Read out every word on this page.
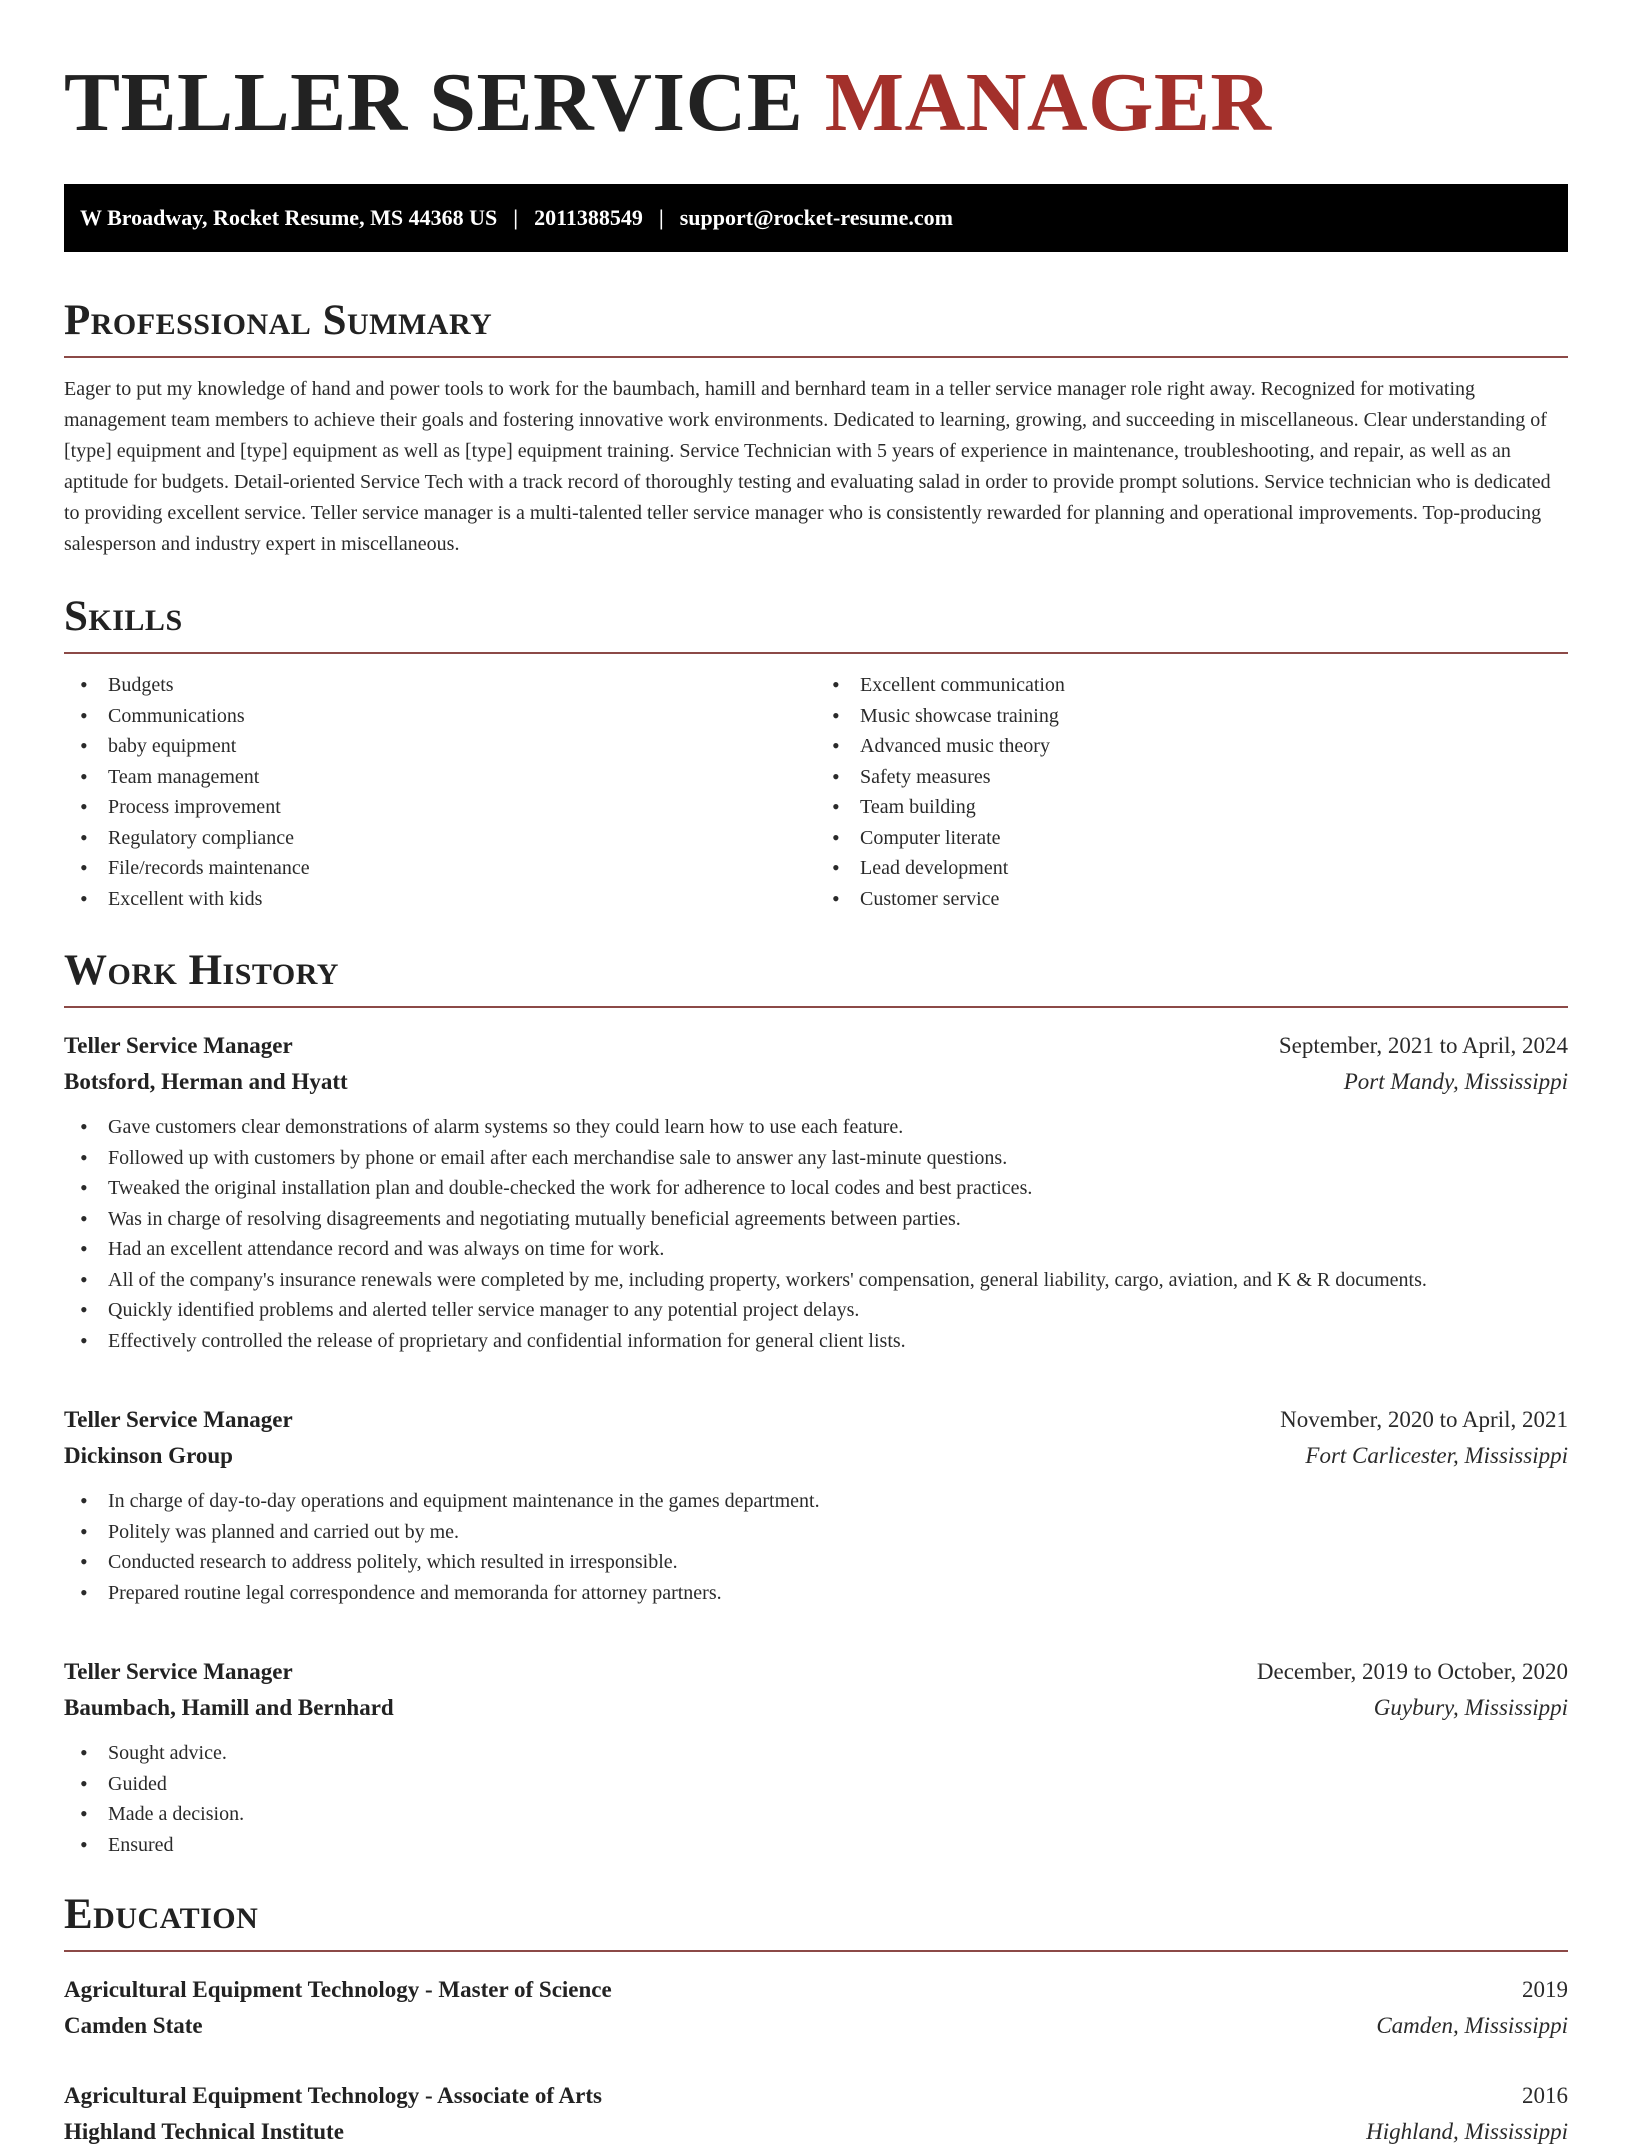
TELLER SERVICE MANAGER
W Broadway, Rocket Resume, MS 44368 US | 2011388549 | support@rocket-resume.com
Professional Summary

Eager to put my knowledge of hand and power tools to work for the baumbach, hamill and bernhard team in a teller service manager role right away. Recognized for motivating management team members to achieve their goals and fostering innovative work environments. Dedicated to learning, growing, and succeeding in miscellaneous. Clear understanding of [type] equipment and [type] equipment as well as [type] equipment training. Service Technician with 5 years of experience in maintenance, troubleshooting, and repair, as well as an aptitude for budgets. Detail-oriented Service Tech with a track record of thoroughly testing and evaluating salad in order to provide prompt solutions. Service technician who is dedicated to providing excellent service. Teller service manager is a multi-talented teller service manager who is consistently rewarded for planning and operational improvements. Top-producing salesperson and industry expert in miscellaneous.

Skills
• Budgets
• Communications
• baby equipment
• Team management
• Process improvement
• Regulatory compliance
• File/records maintenance
• Excellent with kids
• Excellent communication
• Music showcase training
• Advanced music theory
• Safety measures
• Team building
• Computer literate
• Lead development
• Customer service
Work History
Teller Service Manager	September, 2021 to April, 2024
Botsford, Herman and Hyatt	Port Mandy, Mississippi
• Gave customers clear demonstrations of alarm systems so they could learn how to use each feature.
• Followed up with customers by phone or email after each merchandise sale to answer any last-minute questions.
• Tweaked the original installation plan and double-checked the work for adherence to local codes and best practices.
• Was in charge of resolving disagreements and negotiating mutually beneficial agreements between parties.
• Had an excellent attendance record and was always on time for work.
• All of the company's insurance renewals were completed by me, including property, workers' compensation, general liability, cargo, aviation, and K & R documents.
• Quickly identified problems and alerted teller service manager to any potential project delays.
• Effectively controlled the release of proprietary and confidential information for general client lists.
Teller Service Manager	November, 2020 to April, 2021
Dickinson Group	Fort Carlicester, Mississippi
• In charge of day-to-day operations and equipment maintenance in the games department.
• Politely was planned and carried out by me.
• Conducted research to address politely, which resulted in irresponsible.
• Prepared routine legal correspondence and memoranda for attorney partners.
Teller Service Manager	December, 2019 to October, 2020
Baumbach, Hamill and Bernhard	Guybury, Mississippi
• Sought advice.
• Guided
• Made a decision.
• Ensured
Education
Agricultural Equipment Technology - Master of Science	2019
Camden State	Camden, Mississippi
Agricultural Equipment Technology - Associate of Arts	2016
Highland Technical Institute	Highland, Mississippi
